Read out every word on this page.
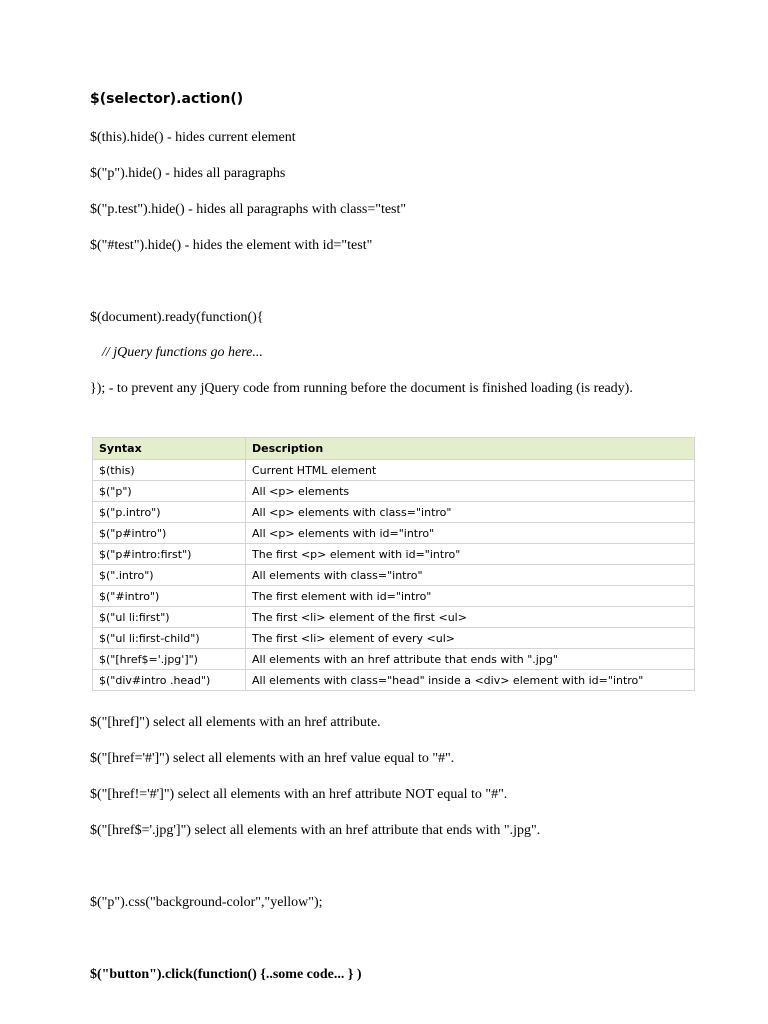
$(selector).action()
$(this).hide() - hides current element
$("p").hide() - hides all paragraphs
$("p.test").hide() - hides all paragraphs with class="test"
$("#test").hide() - hides the element with id="test"
$(document).ready(function(){
// jQuery functions go here...
}); - to prevent any jQuery code from running before the document is finished loading (is ready).
Syntax	Description
$(this)	Current HTML element
$("p")	All <p> elements
$("p.intro")	All <p> elements with class="intro"
$("p#intro")	All <p> elements with id="intro"
$("p#intro:first")	The first <p> element with id="intro"
$(".intro")	All elements with class="intro"
$("#intro")	The first element with id="intro"
$("ul li:first")	The first <li> element of the first <ul>
$("ul li:first-child")	The first <li> element of every <ul>
$("[href$='.jpg']")	All elements with an href attribute that ends with ".jpg"
$("div#intro .head")	All elements with class="head" inside a <div> element with id="intro"
$("[href]") select all elements with an href attribute.
$("[href='#']") select all elements with an href value equal to "#".
$("[href!='#']") select all elements with an href attribute NOT equal to "#".
$("[href$='.jpg']") select all elements with an href attribute that ends with ".jpg".
$("p").css("background-color","yellow");
$("button").click(function() {..some code... } )
